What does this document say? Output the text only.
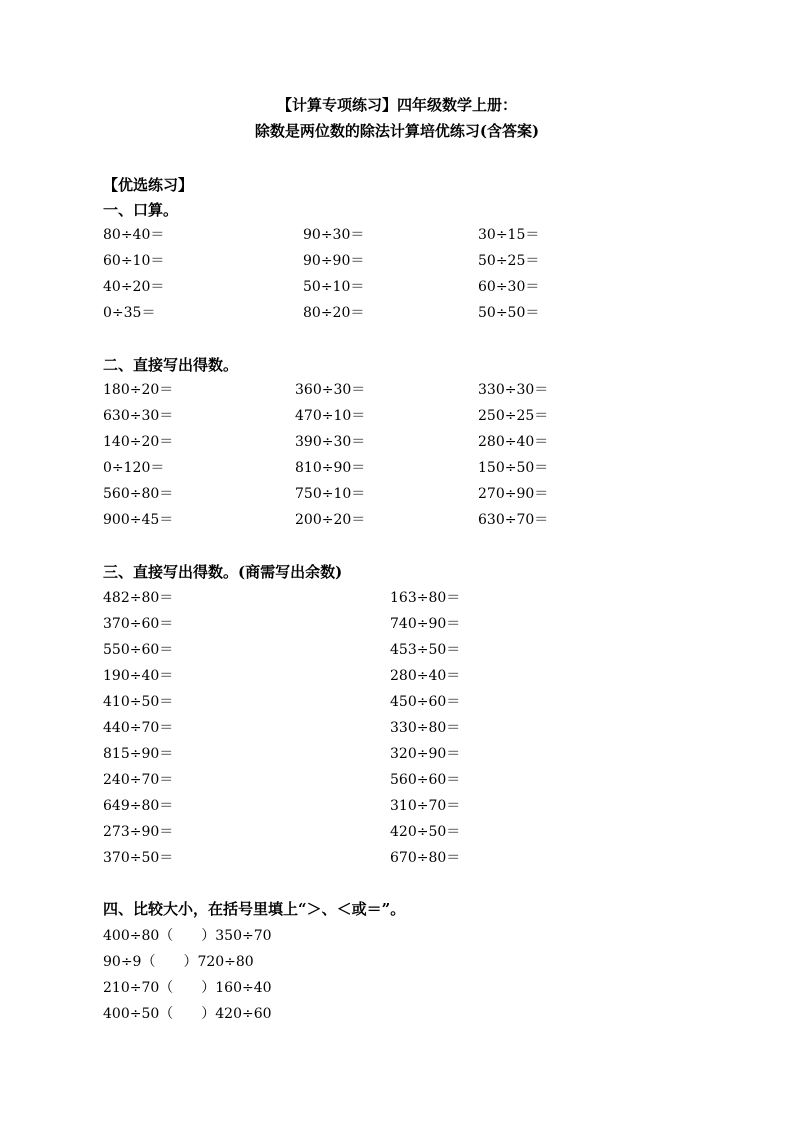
【计算专项练习】四年级数学上册：
除数是两位数的除法计算培优练习(含答案)
【优选练习】
一、口算。
80÷40＝	90÷30＝	30÷15＝
60÷10＝	90÷90＝	50÷25＝
40÷20＝	50÷10＝	60÷30＝
0÷35＝	80÷20＝	50÷50＝
二、直接写出得数。
180÷20＝	360÷30＝	330÷30＝
630÷30＝	470÷10＝	250÷25＝
140÷20＝	390÷30＝	280÷40＝
0÷120＝	810÷90＝	150÷50＝
560÷80＝	750÷10＝	270÷90＝
900÷45＝	200÷20＝	630÷70＝
三、直接写出得数。(商需写出余数)
482÷80＝	163÷80＝
370÷60＝	740÷90＝
550÷60＝	453÷50＝
190÷40＝	280÷40＝
410÷50＝	450÷60＝
440÷70＝	330÷80＝
815÷90＝	320÷90＝
240÷70＝	560÷60＝
649÷80＝	310÷70＝
273÷90＝	420÷50＝
370÷50＝	670÷80＝
四、比较大小，在括号里填上“＞、＜或＝”。
400÷80（　　）350÷70
90÷9（　　）720÷80
210÷70（　　）160÷40
400÷50（　　）420÷60
